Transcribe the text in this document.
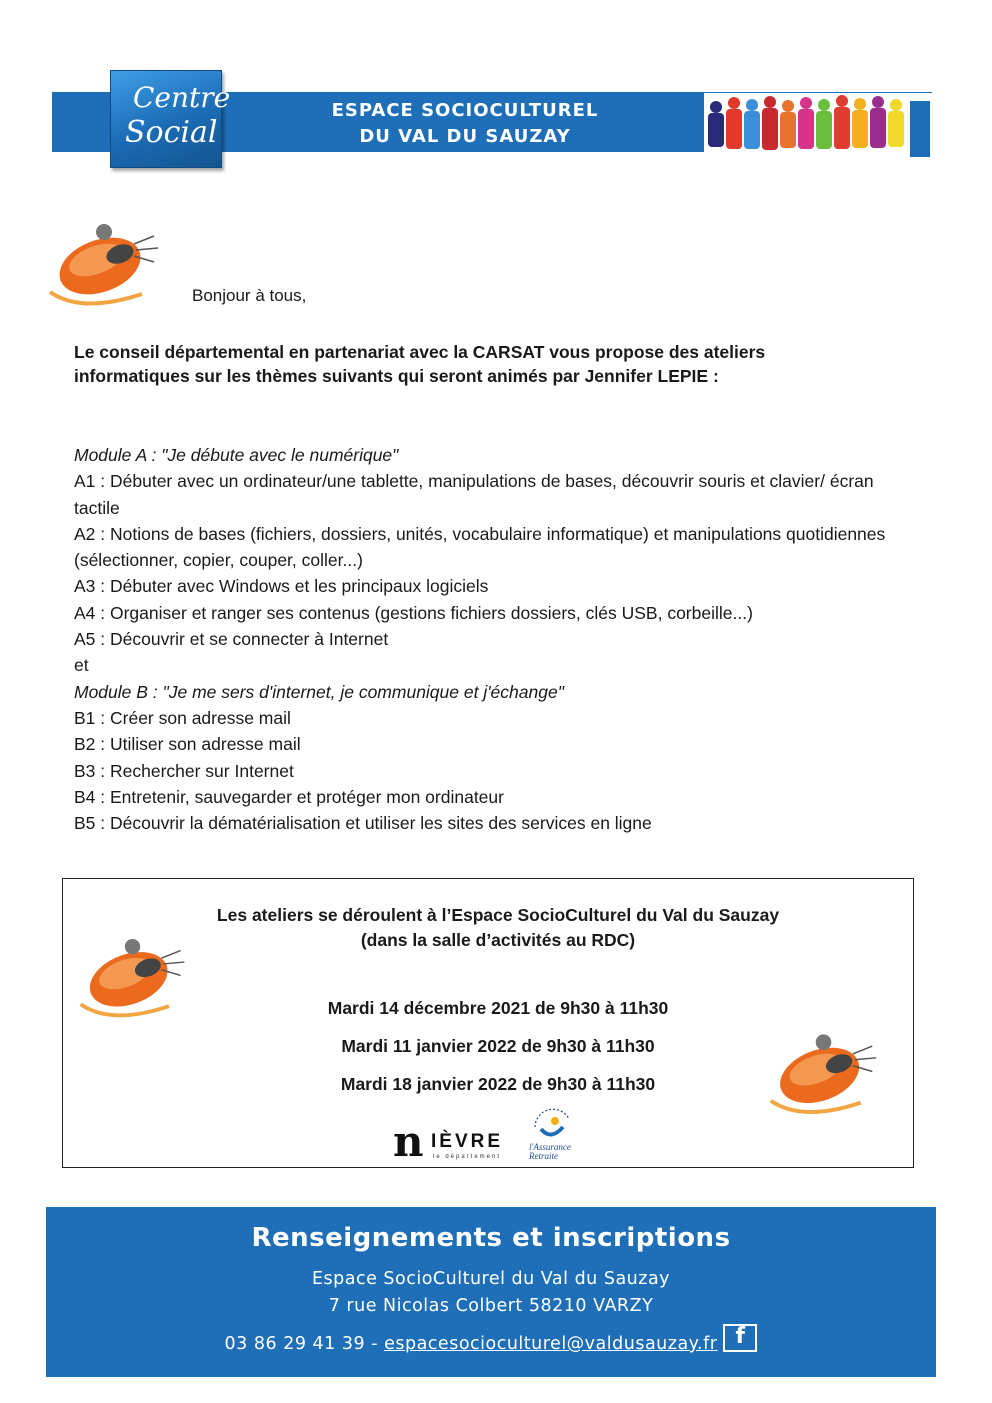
Centre
Social
ESPACE SOCIOCULTUREL
DU VAL DU SAUZAY
Bonjour à tous,
Le conseil départemental en partenariat avec la CARSAT vous propose des ateliers
informatiques sur les thèmes suivants qui seront animés par Jennifer LEPIE :
Module A : "Je débute avec le numérique"
A1 : Débuter avec un ordinateur/une tablette, manipulations de bases, découvrir souris et clavier/ écran tactile
A2 : Notions de bases (fichiers, dossiers, unités, vocabulaire informatique) et manipulations quotidiennes (sélectionner, copier, couper, coller...)
A3 : Débuter avec Windows et les principaux logiciels
A4 : Organiser et ranger ses contenus (gestions fichiers dossiers, clés USB, corbeille...)
A5 : Découvrir et se connecter à Internet
et
Module B : "Je me sers d'internet, je communique et j'échange"
B1 : Créer son adresse mail
B2 : Utiliser son adresse mail
B3 : Rechercher sur Internet
B4 : Entretenir, sauvegarder et protéger mon ordinateur
B5 : Découvrir la dématérialisation et utiliser les sites des services en ligne
Les ateliers se déroulent à l’Espace SocioCulturel du Val du Sauzay
(dans la salle d’activités au RDC)
Mardi 14 décembre 2021 de 9h30 à 11h30
Mardi 11 janvier 2022 de 9h30 à 11h30
Mardi 18 janvier 2022 de 9h30 à 11h30
n IÈVRE
le département
l'Assurance
Retraite
Renseignements et inscriptions
Espace SocioCulturel du Val du Sauzay
7 rue Nicolas Colbert 58210 VARZY
03 86 29 41 39 - espacesocioculturel@valdusauzay.fr f
